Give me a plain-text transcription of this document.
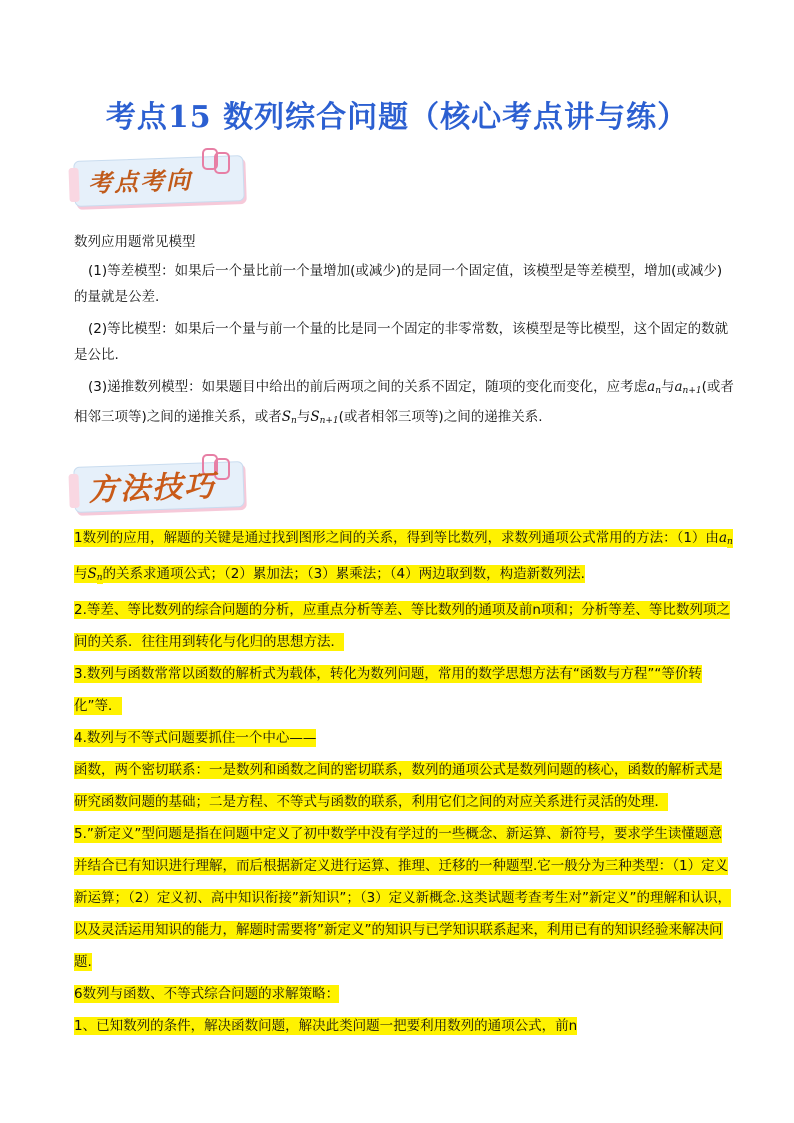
考点15 数列综合问题（核心考点讲与练）
考点考向

数列应用题常见模型

(1)等差模型：如果后一个量比前一个量增加(或减少)的是同一个固定值，该模型是等差模型，增加(或减少)的量就是公差.

(2)等比模型：如果后一个量与前一个量的比是同一个固定的非零常数，该模型是等比模型，这个固定的数就是公比.

(3)递推数列模型：如果题目中给出的前后两项之间的关系不固定，随项的变化而变化，应考虑$a_n$与$a_{n+1}$(或者相邻三项等)之间的递推关系，或者$S_n$与$S_{n+1}$(或者相邻三项等)之间的递推关系.

方法技巧

1数列的应用，解题的关键是通过找到图形之间的关系，得到等比数列，求数列通项公式常用的方法：（1）由$a_n$与$S_n$的关系求通项公式；（2）累加法；（3）累乘法；（4）两边取到数，构造新数列法.

2.等差、等比数列的综合问题的分析，应重点分析等差、等比数列的通项及前n项和；分析等差、等比数列项之间的关系．往往用到转化与化归的思想方法．

3.数列与函数常常以函数的解析式为载体，转化为数列问题，常用的数学思想方法有“函数与方程”“等价转化”等．

4.数列与不等式问题要抓住一个中心——

函数，两个密切联系：一是数列和函数之间的密切联系，数列的通项公式是数列问题的核心，函数的解析式是研究函数问题的基础；二是方程、不等式与函数的联系，利用它们之间的对应关系进行灵活的处理．

5.”新定义”型问题是指在问题中定义了初中数学中没有学过的一些概念、新运算、新符号，要求学生读懂题意并结合已有知识进行理解，而后根据新定义进行运算、推理、迁移的一种题型.它一般分为三种类型：（1）定义新运算；（2）定义初、高中知识衔接”新知识”；（3）定义新概念.这类试题考查考生对”新定义”的理解和认识，以及灵活运用知识的能力，解题时需要将”新定义”的知识与已学知识联系起来，利用已有的知识经验来解决问题.

6数列与函数、不等式综合问题的求解策略：

1、已知数列的条件，解决函数问题，解决此类问题一把要利用数列的通项公式，前n
